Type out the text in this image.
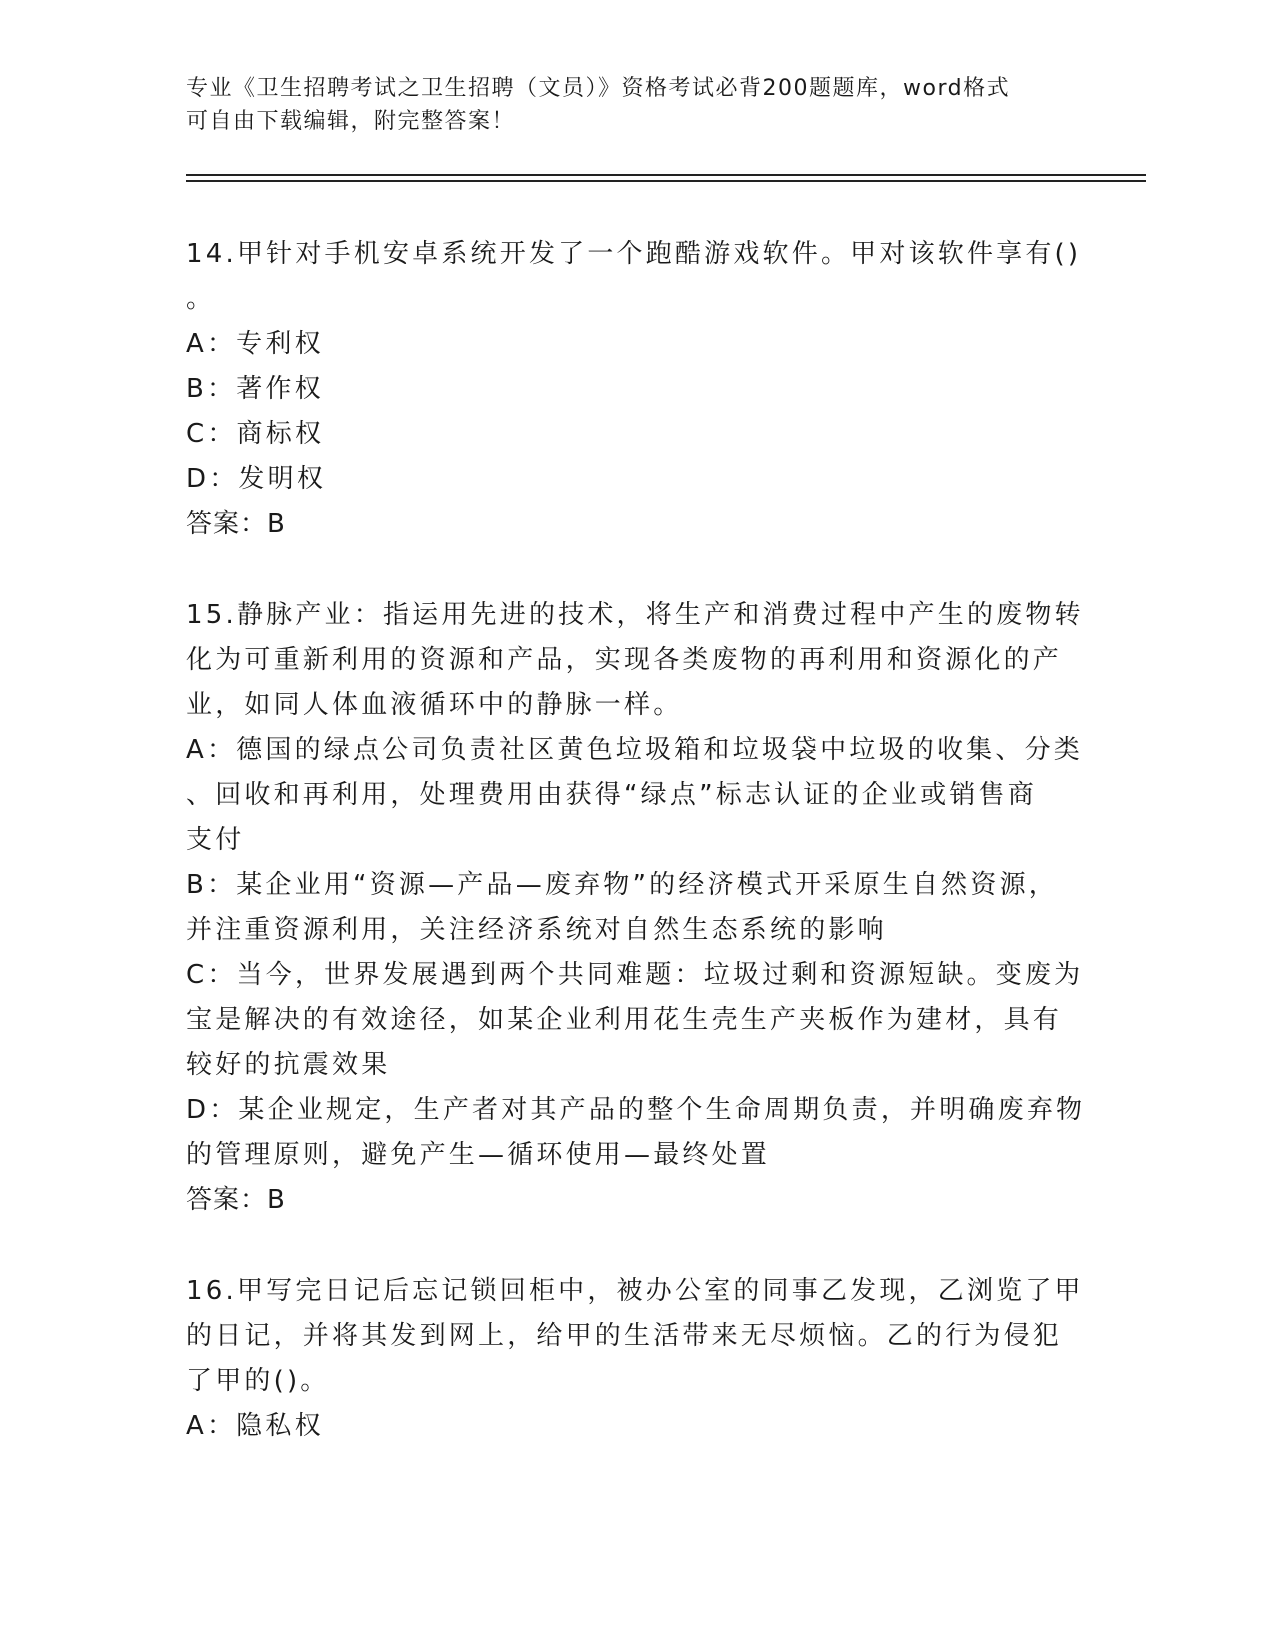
专业《卫生招聘考试之卫生招聘（文员）》资格考试必背200题题库，word格式
可自由下载编辑，附完整答案！
14.甲针对手机安卓系统开发了一个跑酷游戏软件。甲对该软件享有()
。
A：专利权
B：著作权
C：商标权
D：发明权
答案：B
15.静脉产业：指运用先进的技术，将生产和消费过程中产生的废物转
化为可重新利用的资源和产品，实现各类废物的再利用和资源化的产
业，如同人体血液循环中的静脉一样。
A：德国的绿点公司负责社区黄色垃圾箱和垃圾袋中垃圾的收集、分类
、回收和再利用，处理费用由获得“绿点”标志认证的企业或销售商
支付
B：某企业用“资源—产品—废弃物”的经济模式开采原生自然资源，
并注重资源利用，关注经济系统对自然生态系统的影响
C：当今，世界发展遇到两个共同难题：垃圾过剩和资源短缺。变废为
宝是解决的有效途径，如某企业利用花生壳生产夹板作为建材，具有
较好的抗震效果
D：某企业规定，生产者对其产品的整个生命周期负责，并明确废弃物
的管理原则，避免产生—循环使用—最终处置
答案：B
16.甲写完日记后忘记锁回柜中，被办公室的同事乙发现，乙浏览了甲
的日记，并将其发到网上，给甲的生活带来无尽烦恼。乙的行为侵犯
了甲的()。
A：隐私权
